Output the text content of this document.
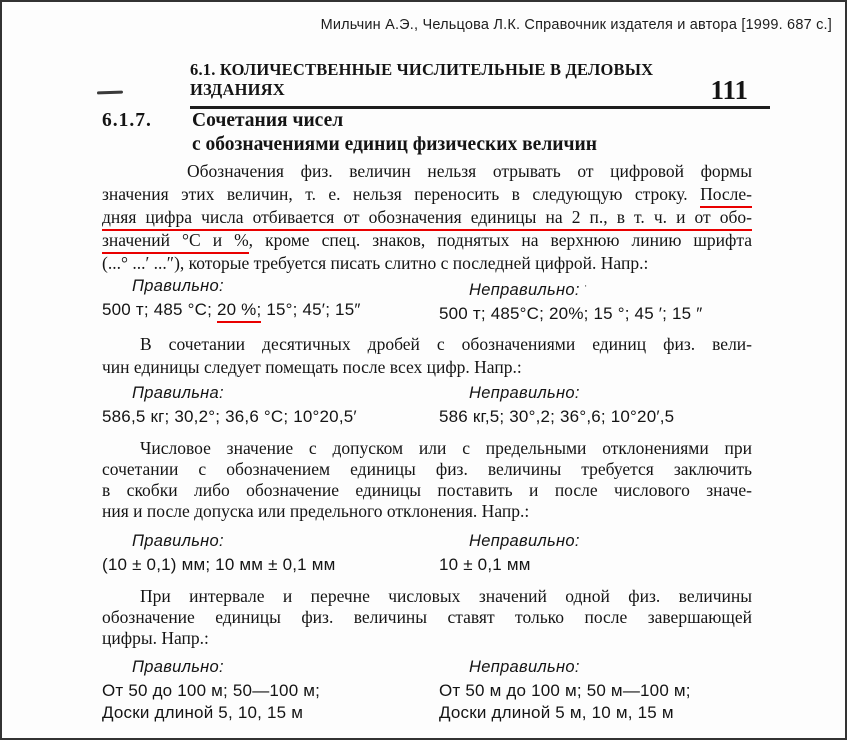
Мильчин А.Э., Чельцова Л.К. Справочник издателя и автора [1999. 687 с.]
6.1. КОЛИЧЕСТВЕННЫЕ ЧИСЛИТЕЛЬНЫЕ В ДЕЛОВЫХ ИЗДАНИЯХ	111
6.1.7.	Сочетания чисел
с обозначениями единиц физических величин
Обозначения физ. величин нельзя отрывать от цифровой формы
значения этих величин, т. е. нельзя переносить в следующую строку. После-
дняя цифра числа отбивается от обозначения единицы на 2 п., в т. ч. и от обо-
значений °С и %, кроме спец. знаков, поднятых на верхнюю линию шрифта
(...° ...′ ...″), которые требуется писать слитно с последней цифрой. Напр.:
Правильно:
500 т; 485 °С; 20 %; 15°; 45′; 15″
Неправильно: ·
500 т; 485°С; 20%; 15 °; 45 ′; 15 ″
В сочетании десятичных дробей с обозначениями единиц физ. вели-
чин единицы следует помещать после всех цифр. Напр.:
Правильна:
586,5 кг; 30,2°; 36,6 °С; 10°20,5′
Неправильно:
586 кг,5; 30°,2; 36°,6; 10°20′,5
Числовое значение с допуском или с предельными отклонениями при
сочетании с обозначением единицы физ. величины требуется заключить
в скобки либо обозначение единицы поставить и после числового значе-
ния и после допуска или предельного отклонения. Напр.:
Правильно:
(10 ± 0,1) мм; 10 мм ± 0,1 мм
Неправильно:
10 ± 0,1 мм
При интервале и перечне числовых значений одной физ. величины
обозначение единицы физ. величины ставят только после завершающей
цифры. Напр.:
Правильно:
От 50 до 100 м; 50—100 м;
Доски длиной 5, 10, 15 м
Неправильно:
От 50 м до 100 м; 50 м—100 м;
Доски длиной 5 м, 10 м, 15 м
